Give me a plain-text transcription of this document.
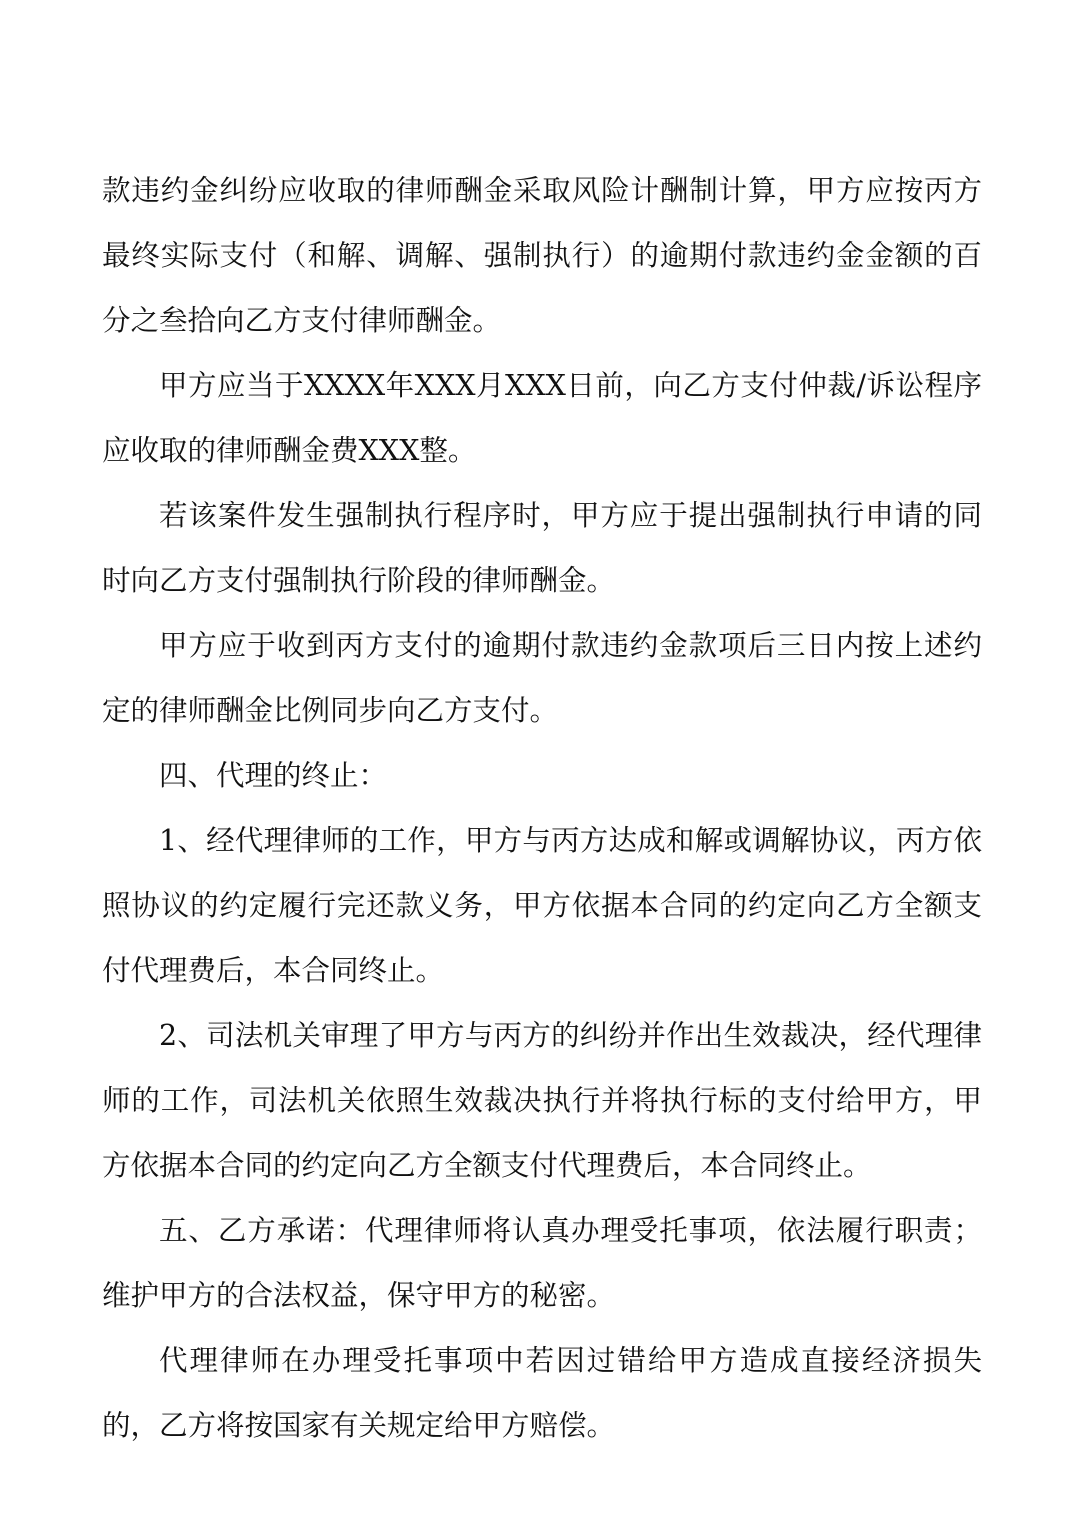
款违约金纠纷应收取的律师酬金采取风险计酬制计算，甲方应按丙方最终实际支付（和解、调解、强制执行）的逾期付款违约金金额的百分之叁拾向乙方支付律师酬金。

甲方应当于XXXX年XXX月XXX日前，向乙方支付仲裁/诉讼程序应收取的律师酬金费XXX整。

若该案件发生强制执行程序时，甲方应于提出强制执行申请的同时向乙方支付强制执行阶段的律师酬金。

甲方应于收到丙方支付的逾期付款违约金款项后三日内按上述约定的律师酬金比例同步向乙方支付。

四、代理的终止：

1、经代理律师的工作，甲方与丙方达成和解或调解协议，丙方依照协议的约定履行完还款义务，甲方依据本合同的约定向乙方全额支付代理费后，本合同终止。

2、司法机关审理了甲方与丙方的纠纷并作出生效裁决，经代理律师的工作，司法机关依照生效裁决执行并将执行标的支付给甲方，甲方依据本合同的约定向乙方全额支付代理费后，本合同终止。

五、乙方承诺：代理律师将认真办理受托事项，依法履行职责；维护甲方的合法权益，保守甲方的秘密。

代理律师在办理受托事项中若因过错给甲方造成直接经济损失的，乙方将按国家有关规定给甲方赔偿。
